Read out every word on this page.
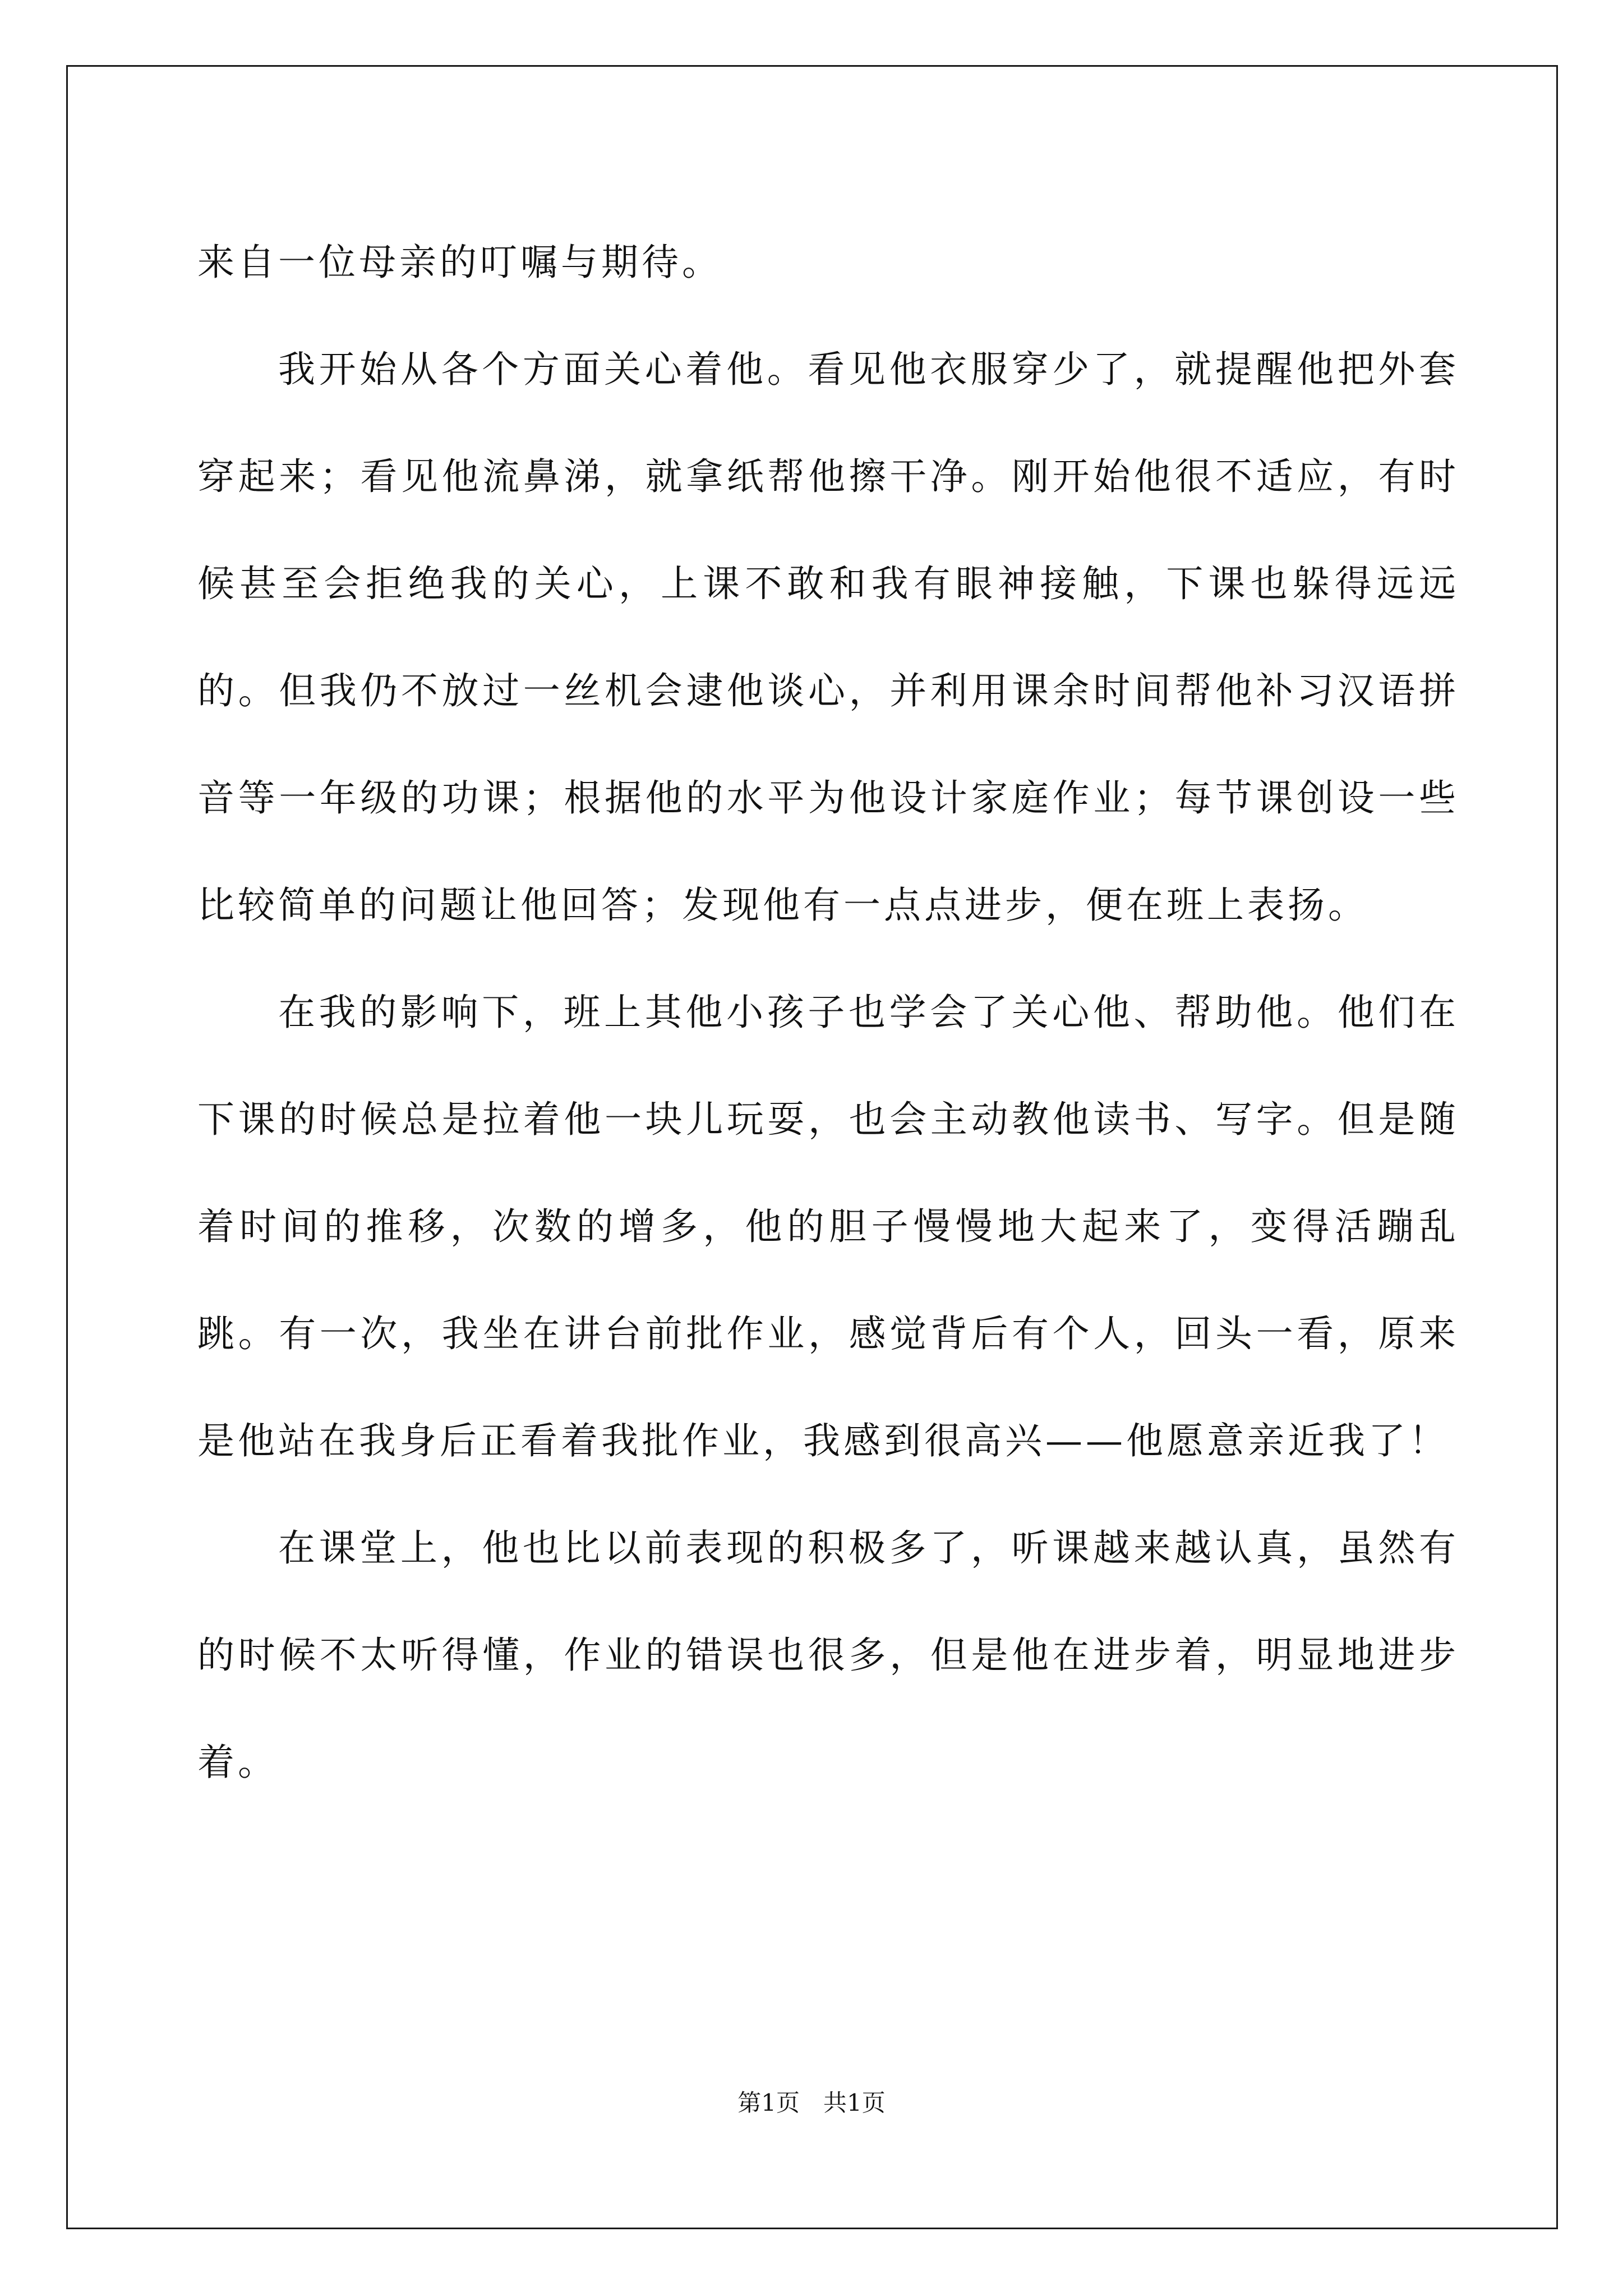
来自一位母亲的叮嘱与期待。

我开始从各个方面关心着他。看见他衣服穿少了，就提醒他把外套穿起来；看见他流鼻涕，就拿纸帮他擦干净。刚开始他很不适应，有时候甚至会拒绝我的关心，上课不敢和我有眼神接触，下课也躲得远远的。但我仍不放过一丝机会逮他谈心，并利用课余时间帮他补习汉语拼音等一年级的功课；根据他的水平为他设计家庭作业；每节课创设一些比较简单的问题让他回答；发现他有一点点进步，便在班上表扬。

在我的影响下，班上其他小孩子也学会了关心他、帮助他。他们在下课的时候总是拉着他一块儿玩耍，也会主动教他读书、写字。但是随着时间的推移，次数的增多，他的胆子慢慢地大起来了，变得活蹦乱跳。有一次，我坐在讲台前批作业，感觉背后有个人，回头一看，原来是他站在我身后正看着我批作业，我感到很高兴——他愿意亲近我了！

在课堂上，他也比以前表现的积极多了，听课越来越认真，虽然有的时候不太听得懂，作业的错误也很多，但是他在进步着，明显地进步着。

第1页　共1页
